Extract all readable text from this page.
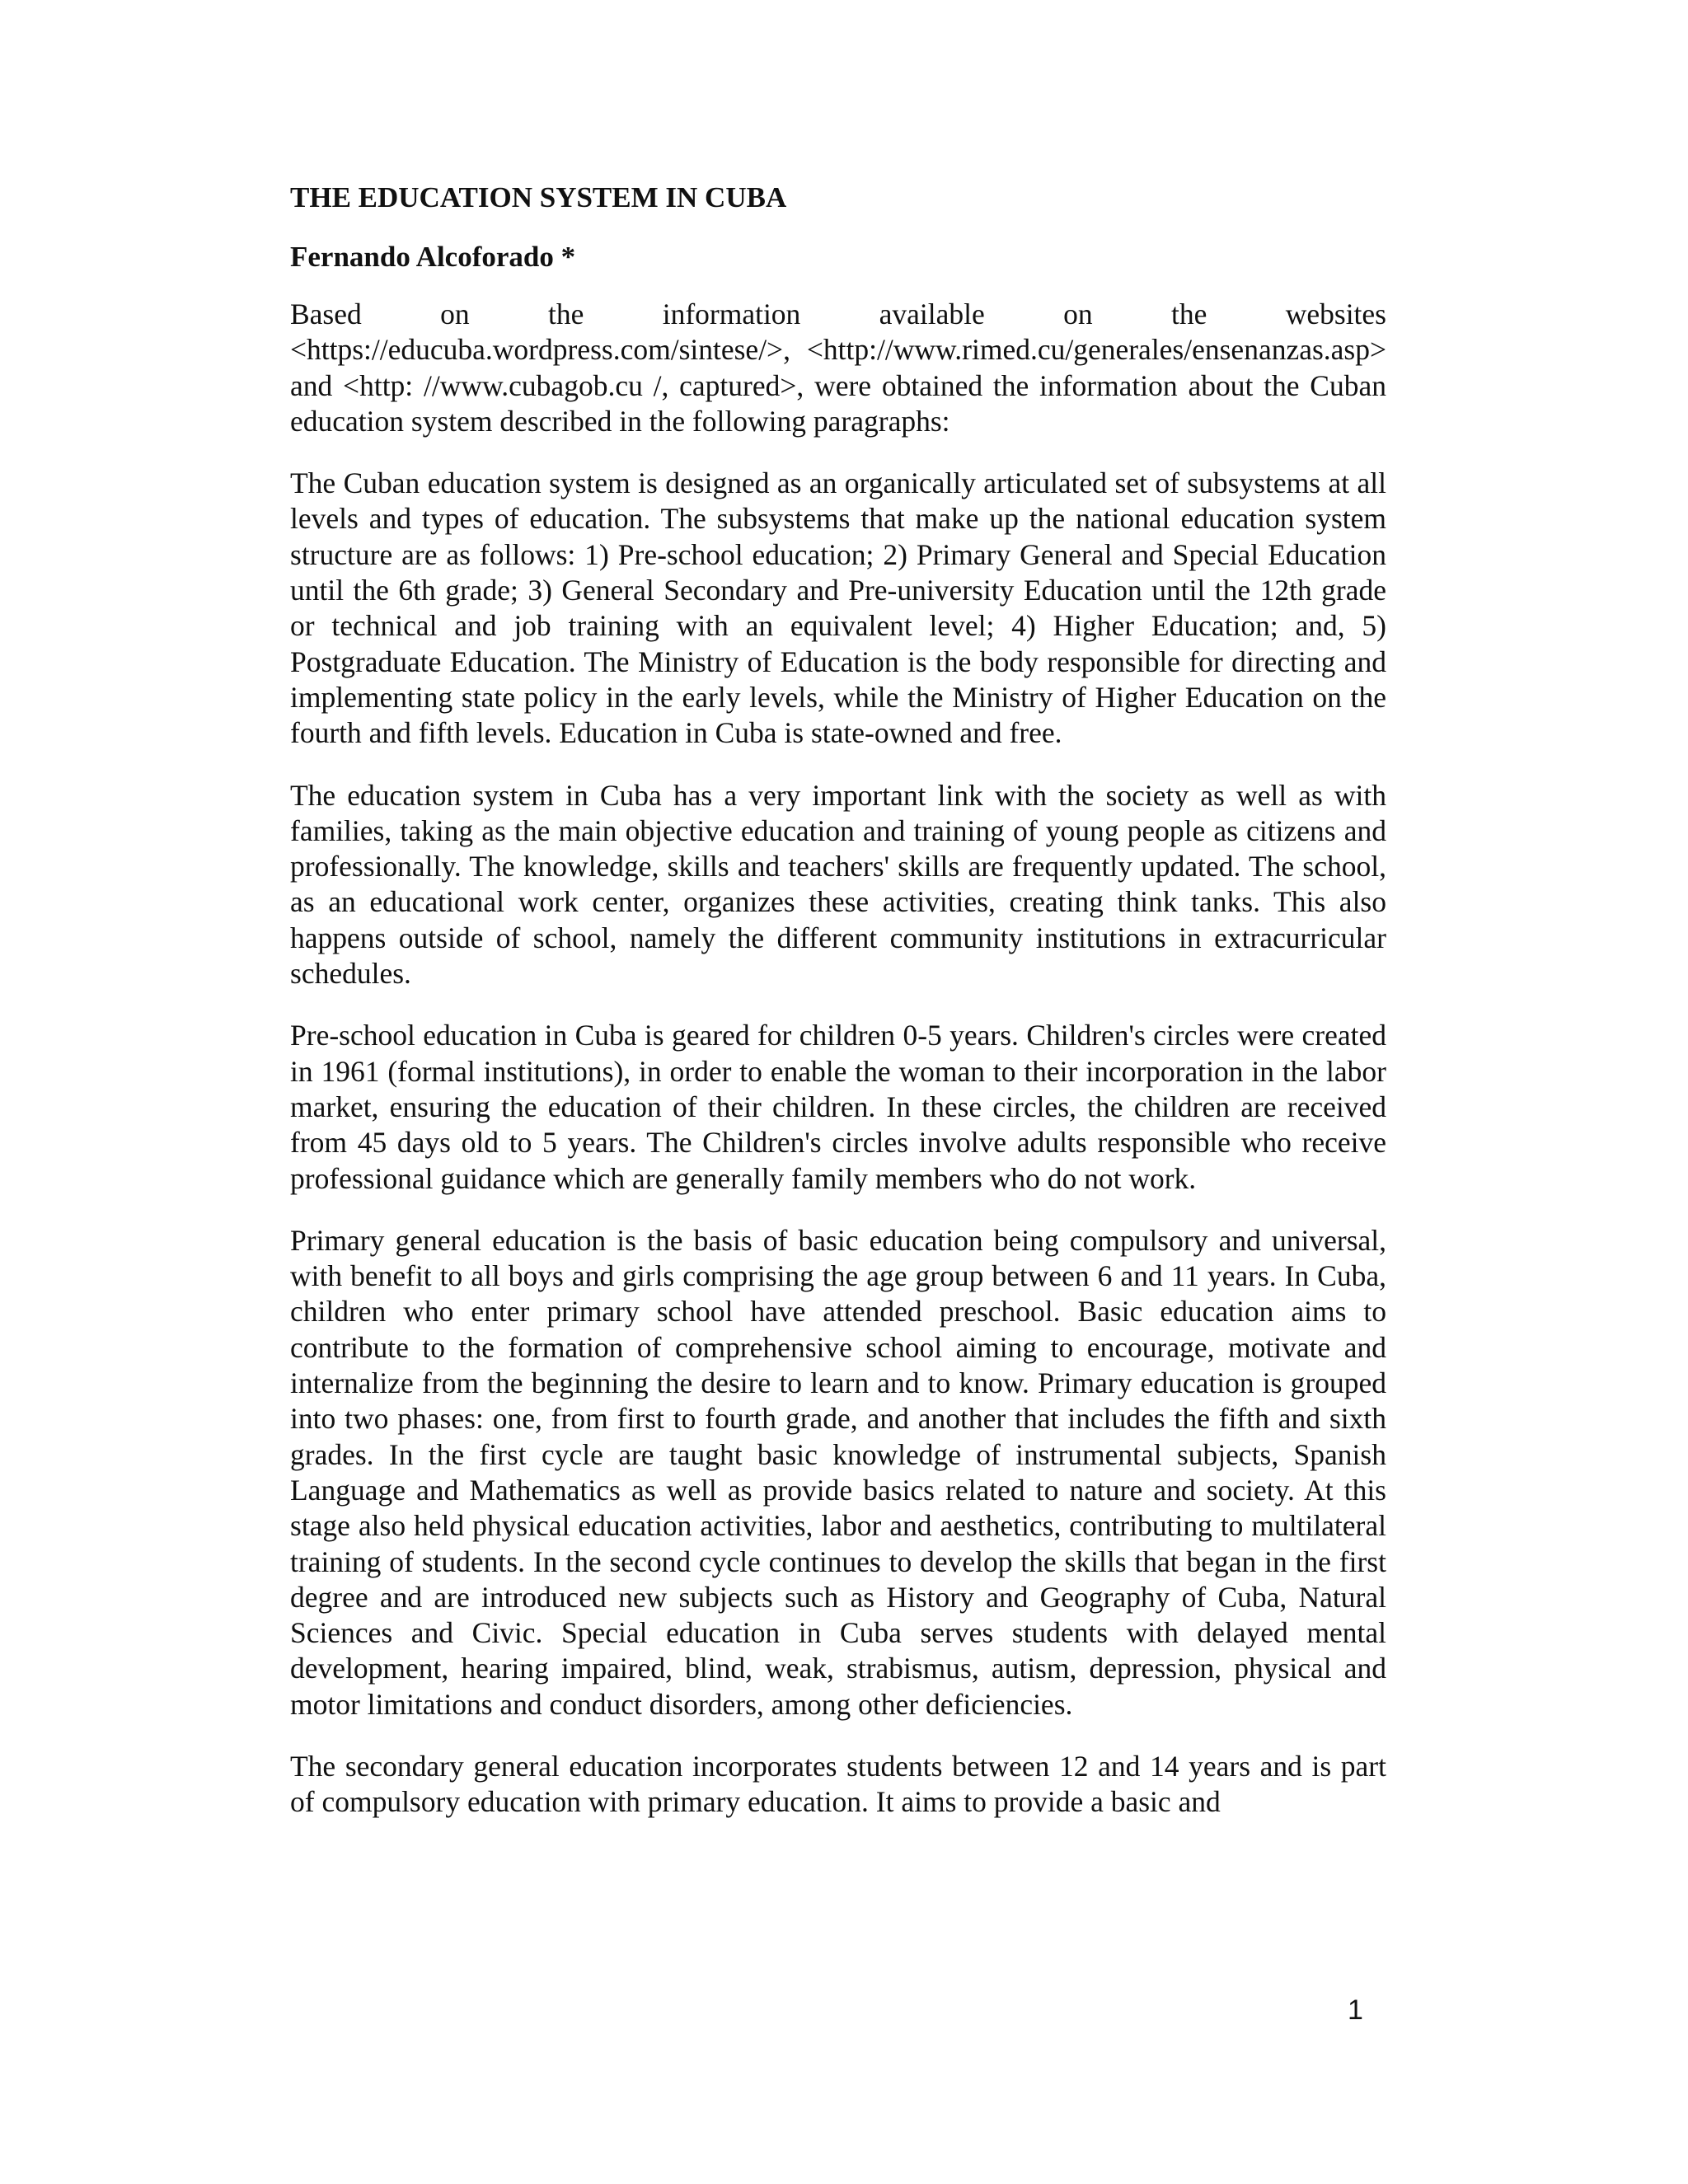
THE EDUCATION SYSTEM IN CUBA

Fernando Alcoforado *

Based on the information available on the websites <https://educuba.wordpress.com/sintese/>, <http://www.rimed.cu/generales/ensenanzas.asp> and <http: //www.cubagob.cu /, captured>, were obtained the information about the Cuban education system described in the following paragraphs:

The Cuban education system is designed as an organically articulated set of subsystems at all levels and types of education. The subsystems that make up the national education system structure are as follows: 1) Pre-school education; 2) Primary General and Special Education until the 6th grade; 3) General Secondary and Pre-university Education until the 12th grade or technical and job training with an equivalent level; 4) Higher Education; and, 5) Postgraduate Education. The Ministry of Education is the body responsible for directing and implementing state policy in the early levels, while the Ministry of Higher Education on the fourth and fifth levels. Education in Cuba is state-owned and free.

The education system in Cuba has a very important link with the society as well as with families, taking as the main objective education and training of young people as citizens and professionally. The knowledge, skills and teachers' skills are frequently updated. The school, as an educational work center, organizes these activities, creating think tanks. This also happens outside of school, namely the different community institutions in extracurricular schedules.

Pre-school education in Cuba is geared for children 0-5 years. Children's circles were created in 1961 (formal institutions), in order to enable the woman to their incorporation in the labor market, ensuring the education of their children. In these circles, the children are received from 45 days old to 5 years. The Children's circles involve adults responsible who receive professional guidance which are generally family members who do not work.

Primary general education is the basis of basic education being compulsory and universal, with benefit to all boys and girls comprising the age group between 6 and 11 years. In Cuba, children who enter primary school have attended preschool. Basic education aims to contribute to the formation of comprehensive school aiming to encourage, motivate and internalize from the beginning the desire to learn and to know. Primary education is grouped into two phases: one, from first to fourth grade, and another that includes the fifth and sixth grades. In the first cycle are taught basic knowledge of instrumental subjects, Spanish Language and Mathematics as well as provide basics related to nature and society. At this stage also held physical education activities, labor and aesthetics, contributing to multilateral training of students. In the second cycle continues to develop the skills that began in the first degree and are introduced new subjects such as History and Geography of Cuba, Natural Sciences and Civic. Special education in Cuba serves students with delayed mental development, hearing impaired, blind, weak, strabismus, autism, depression, physical and motor limitations and conduct disorders, among other deficiencies.

The secondary general education incorporates students between 12 and 14 years and is part of compulsory education with primary education. It aims to provide a basic and

1
